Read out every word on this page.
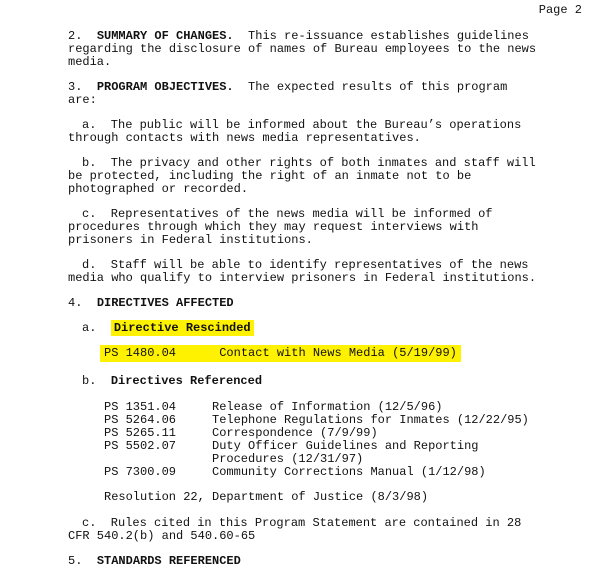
Page 2
2. SUMMARY OF CHANGES. This re-issuance establishes guidelines
regarding the disclosure of names of Bureau employees to the news
media.
3. PROGRAM OBJECTIVES. The expected results of this program
are:
a.  The public will be informed about the Bureau’s operations
through contacts with news media representatives.
b.  The privacy and other rights of both inmates and staff will
be protected, including the right of an inmate not to be
photographed or recorded.
c.  Representatives of the news media will be informed of
procedures through which they may request interviews with
prisoners in Federal institutions.
d.  Staff will be able to identify representatives of the news
media who qualify to interview prisoners in Federal institutions.
4. DIRECTIVES AFFECTED
a. Directive Rescinded
PS 1480.04	Contact with News Media (5/19/99)
b. Directives Referenced
PS 1351.04	Release of Information (12/5/96)
PS 5264.06	Telephone Regulations for Inmates (12/22/95)
PS 5265.11	Correspondence (7/9/99)
PS 5502.07	Duty Officer Guidelines and Reporting
Procedures (12/31/97)
PS 7300.09	Community Corrections Manual (1/12/98)
Resolution 22, Department of Justice (8/3/98)
c.  Rules cited in this Program Statement are contained in 28
CFR 540.2(b) and 540.60-65
5. STANDARDS REFERENCED
